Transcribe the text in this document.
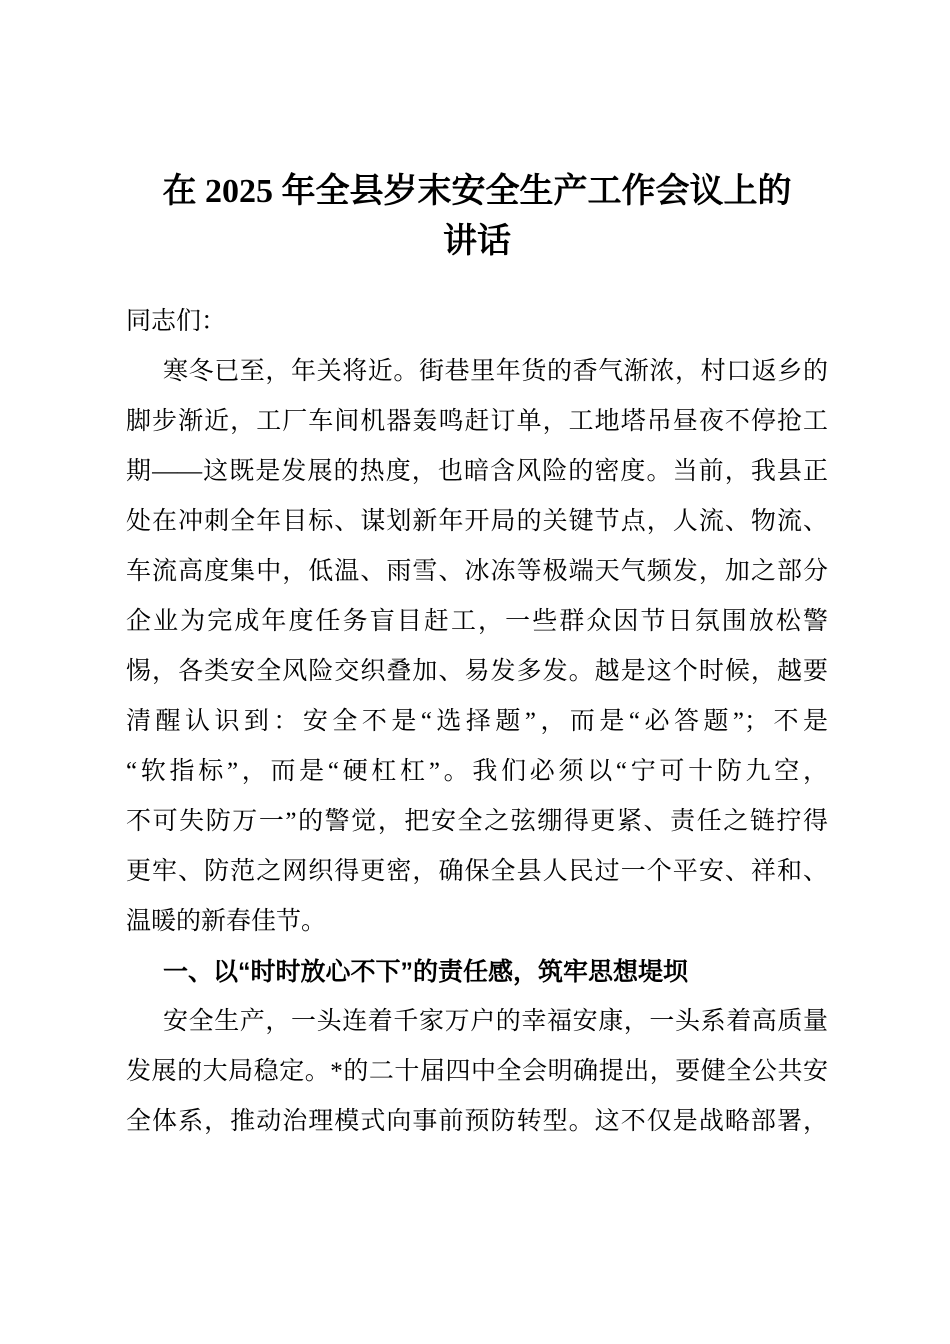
在 2025 年全县岁末安全生产工作会议上的
讲话
同志们：
寒冬已至，年关将近。街巷里年货的香气渐浓，村口返乡的
脚步渐近，工厂车间机器轰鸣赶订单，工地塔吊昼夜不停抢工
期——这既是发展的热度，也暗含风险的密度。当前，我县正
处在冲刺全年目标、谋划新年开局的关键节点，人流、物流、
车流高度集中，低温、雨雪、冰冻等极端天气频发，加之部分
企业为完成年度任务盲目赶工，一些群众因节日氛围放松警
惕，各类安全风险交织叠加、易发多发。越是这个时候，越要
清醒认识到：安全不是“选择题”，而是“必答题”；不是
“软指标”，而是“硬杠杠”。我们必须以“宁可十防九空，
不可失防万一”的警觉，把安全之弦绷得更紧、责任之链拧得
更牢、防范之网织得更密，确保全县人民过一个平安、祥和、
温暖的新春佳节。
一、以“时时放心不下”的责任感，筑牢思想堤坝
安全生产，一头连着千家万户的幸福安康，一头系着高质量
发展的大局稳定。*的二十届四中全会明确提出，要健全公共安
全体系，推动治理模式向事前预防转型。这不仅是战略部署，
